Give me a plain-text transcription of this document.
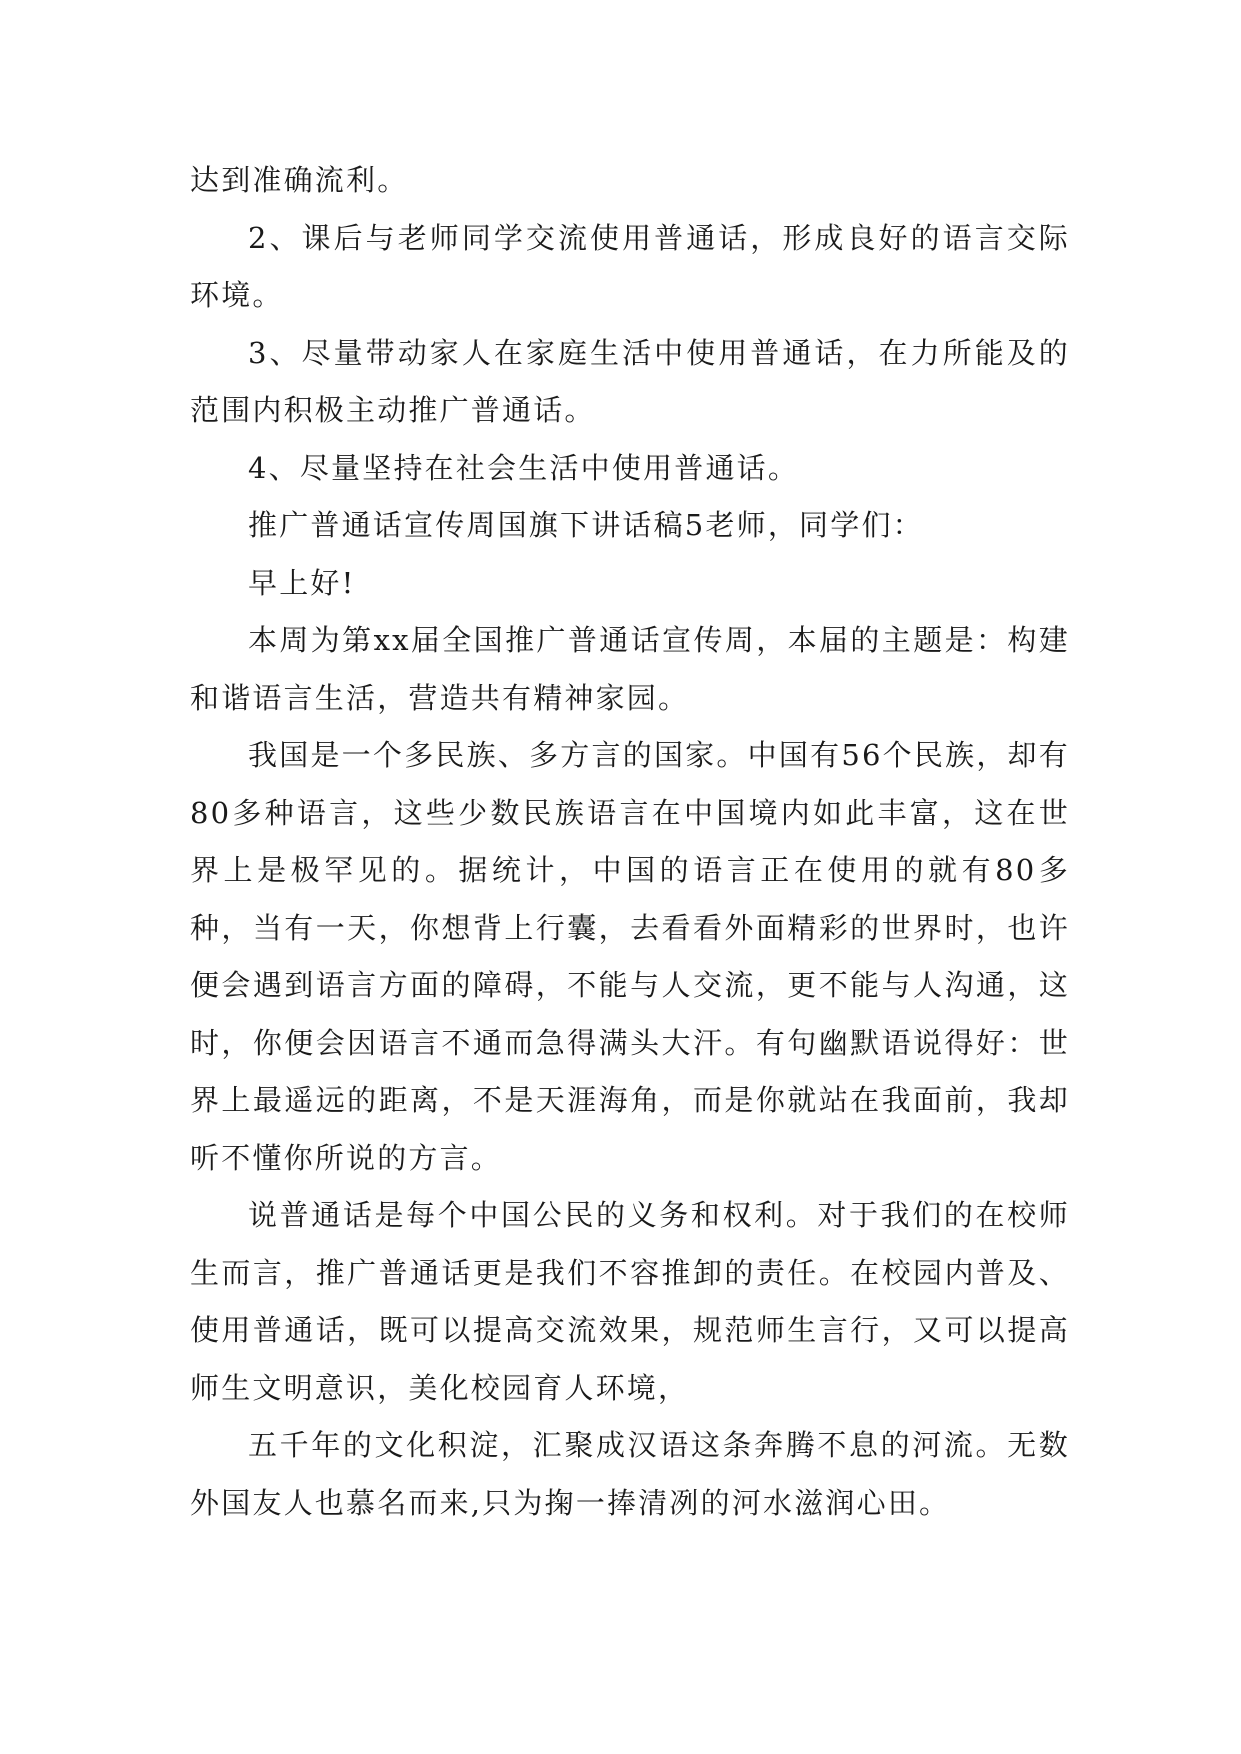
达到准确流利。

2、课后与老师同学交流使用普通话，形成良好的语言交际环境。

3、尽量带动家人在家庭生活中使用普通话，在力所能及的范围内积极主动推广普通话。

4、尽量坚持在社会生活中使用普通话。

推广普通话宣传周国旗下讲话稿5老师，同学们：

早上好!

本周为第xx届全国推广普通话宣传周，本届的主题是：构建和谐语言生活，营造共有精神家园。

我国是一个多民族、多方言的国家。中国有56个民族，却有80多种语言，这些少数民族语言在中国境内如此丰富，这在世界上是极罕见的。据统计，中国的语言正在使用的就有80多种，当有一天，你想背上行囊，去看看外面精彩的世界时，也许便会遇到语言方面的障碍，不能与人交流，更不能与人沟通，这时，你便会因语言不通而急得满头大汗。有句幽默语说得好：世界上最遥远的距离，不是天涯海角，而是你就站在我面前，我却听不懂你所说的方言。

说普通话是每个中国公民的义务和权利。对于我们的在校师生而言，推广普通话更是我们不容推卸的责任。在校园内普及、使用普通话，既可以提高交流效果，规范师生言行，又可以提高师生文明意识，美化校园育人环境，

五千年的文化积淀，汇聚成汉语这条奔腾不息的河流。无数外国友人也慕名而来,只为掬一捧清冽的河水滋润心田。
